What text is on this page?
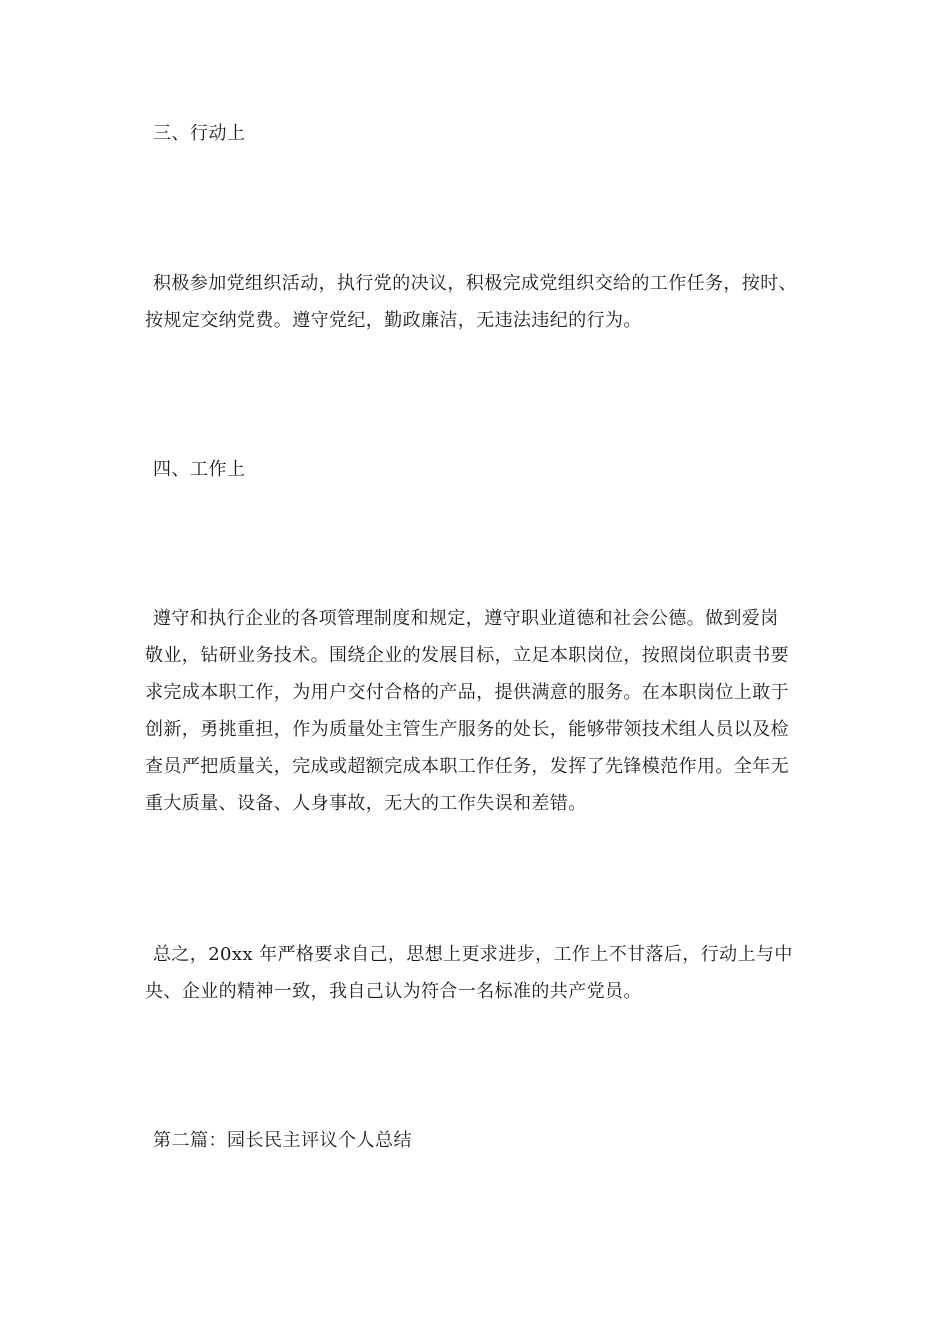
三、行动上
积极参加党组织活动，执行党的决议，积极完成党组织交给的工作任务，按时、
按规定交纳党费。遵守党纪，勤政廉洁，无违法违纪的行为。
四、工作上
遵守和执行企业的各项管理制度和规定，遵守职业道德和社会公德。做到爱岗
敬业，钻研业务技术。围绕企业的发展目标，立足本职岗位，按照岗位职责书要
求完成本职工作，为用户交付合格的产品，提供满意的服务。在本职岗位上敢于
创新，勇挑重担，作为质量处主管生产服务的处长，能够带领技术组人员以及检
查员严把质量关，完成或超额完成本职工作任务，发挥了先锋模范作用。全年无
重大质量、设备、人身事故，无大的工作失误和差错。
总之，20xx 年严格要求自己，思想上更求进步，工作上不甘落后，行动上与中
央、企业的精神一致，我自己认为符合一名标准的共产党员。
第二篇：园长民主评议个人总结
